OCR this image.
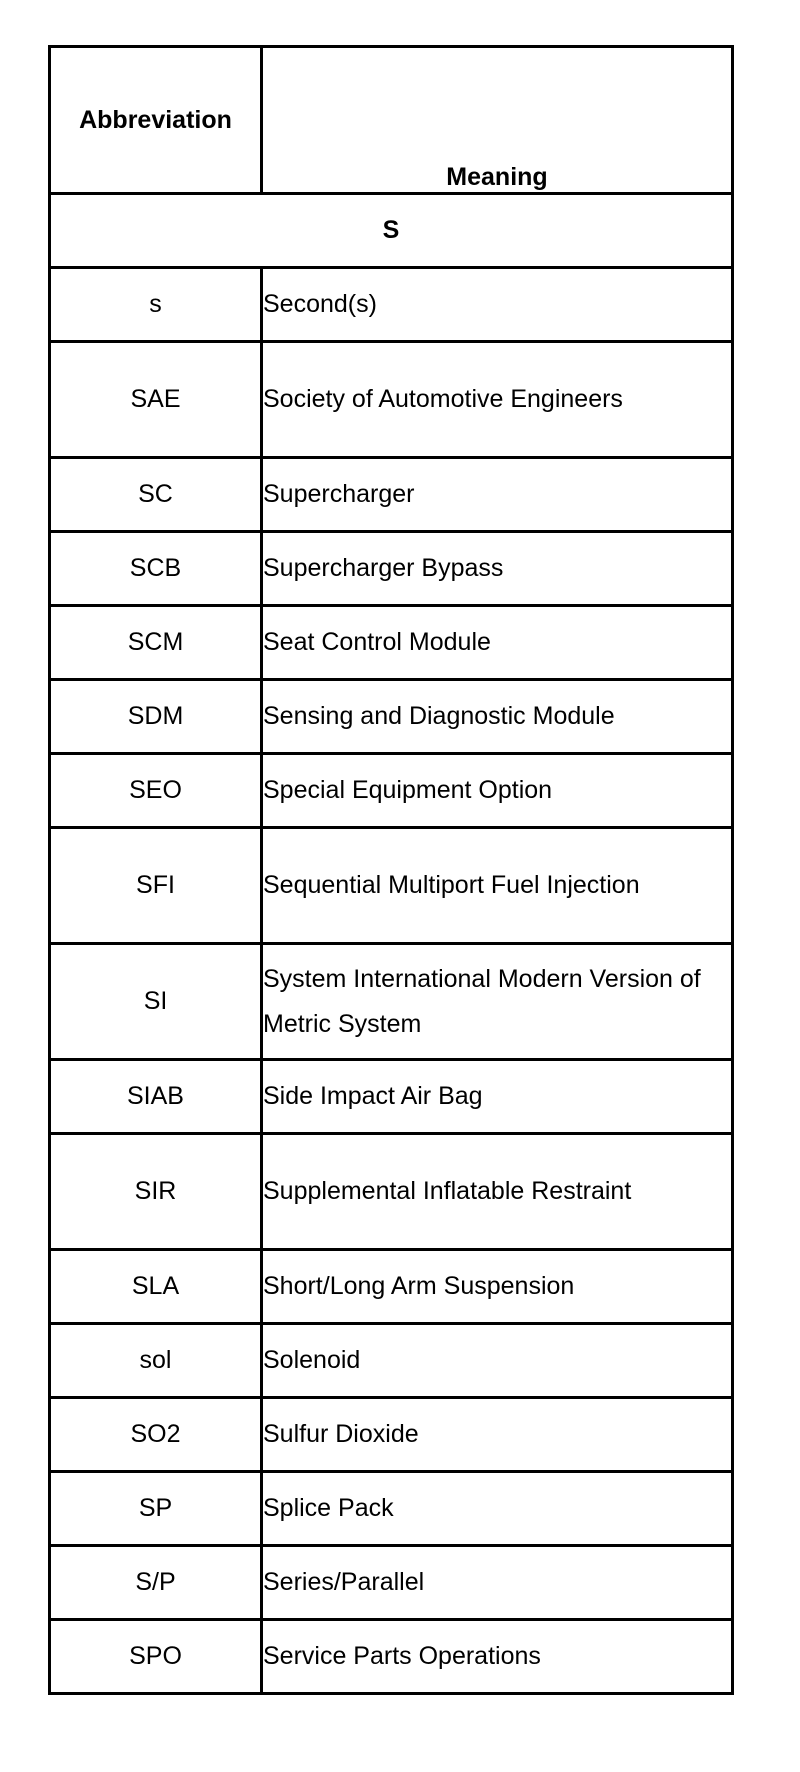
Abbreviation	Meaning
S	
s	Second(s)
SAE	Society of Automotive Engineers
SC	Supercharger
SCB	Supercharger Bypass
SCM	Seat Control Module
SDM	Sensing and Diagnostic Module
SEO	Special Equipment Option
SFI	Sequential Multiport Fuel Injection
SI	System International Modern Version of Metric System
SIAB	Side Impact Air Bag
SIR	Supplemental Inflatable Restraint
SLA	Short/Long Arm Suspension
sol	Solenoid
SO2	Sulfur Dioxide
SP	Splice Pack
S/P	Series/Parallel
SPO	Service Parts Operations
